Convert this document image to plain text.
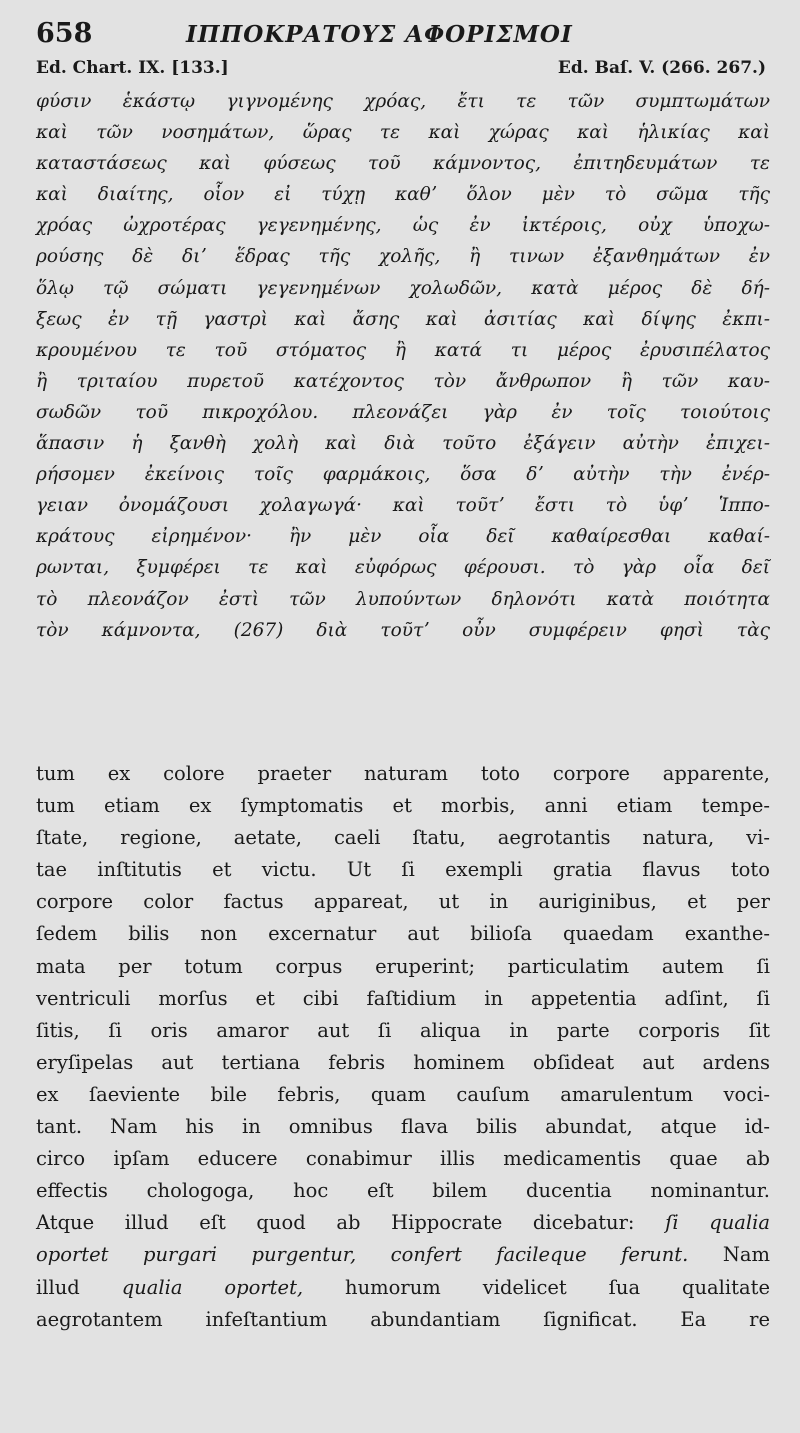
658	ΙΠΠΟΚΡΑΤΟΥΣ ΑΦΟΡΙΣΜΟΙ
Ed. Chart. IX. [133.]	Ed. Baſ. V. (266. 267.)
φύσιν ἑκάστῳ γιγνομένης χρόας, ἔτι τε τῶν συμπτωμάτων
καὶ τῶν νοσημάτων, ὥρας τε καὶ χώρας καὶ ἡλικίας καὶ
καταστάσεως καὶ φύσεως τοῦ κάμνοντος, ἐπιτηδευμάτων τε
καὶ διαίτης, οἷον εἰ τύχῃ καθʼ ὅλον μὲν τὸ σῶμα τῆς
χρόας ὠχροτέρας γεγενημένης, ὡς ἐν ἰκτέροις, οὐχ ὑποχω-
ρούσης δὲ διʼ ἕδρας τῆς χολῆς, ἢ τινων ἐξανθημάτων ἐν
ὅλῳ τῷ σώματι γεγενημένων χολωδῶν, κατὰ μέρος δὲ δή-
ξεως ἐν τῇ γαστρὶ καὶ ἄσης καὶ ἀσιτίας καὶ δίψης ἐκπι-
κρουμένου τε τοῦ στόματος ἢ κατά τι μέρος ἐρυσιπέλατος
ἢ τριταίου πυρετοῦ κατέχοντος τὸν ἄνθρωπον ἢ τῶν καυ-
σωδῶν τοῦ πικροχόλου. πλεονάζει γὰρ ἐν τοῖς τοιούτοις
ἅπασιν ἡ ξανθὴ χολὴ καὶ διὰ τοῦτο ἐξάγειν αὐτὴν ἐπιχει-
ρήσομεν ἐκείνοις τοῖς φαρμάκοις, ὅσα δʼ αὐτὴν τὴν ἐνέρ-
γειαν ὀνομάζουσι χολαγωγά· καὶ τοῦτʼ ἔστι τὸ ὑφʼ Ἱππο-
κράτους εἰρημένον· ἢν μὲν οἷα δεῖ καθαίρεσθαι καθαί-
ρωνται, ξυμφέρει τε καὶ εὐφόρως φέρουσι. τὸ γὰρ οἷα δεῖ
τὸ πλεονάζον ἐστὶ τῶν λυπούντων δηλονότι κατὰ ποιότητα
τὸν κάμνοντα, (267) διὰ τοῦτʼ οὖν συμφέρειν φησὶ τὰς
tum ex colore praeter naturam toto corpore apparente,
tum etiam ex ſymptomatis et morbis, anni etiam tempe-
ſtate, regione, aetate, caeli ſtatu, aegrotantis natura, vi-
tae inſtitutis et victu. Ut ſi exempli gratia flavus toto
corpore color factus appareat, ut in auriginibus, et per
ſedem bilis non excernatur aut bilioſa quaedam exanthe-
mata per totum corpus eruperint; particulatim autem ſi
ventriculi morſus et cibi faſtidium in appetentia adſint, ſi
ſitis, ſi oris amaror aut ſi aliqua in parte corporis ſit
eryſipelas aut tertiana febris hominem obſideat aut ardens
ex ſaeviente bile febris, quam cauſum amarulentum voci-
tant. Nam his in omnibus flava bilis abundat, atque id-
circo ipſam educere conabimur illis medicamentis quae ab
effectis chologoga, hoc eſt bilem ducentia nominantur.
Atque illud eſt quod ab Hippocrate dicebatur: ſi qualia
oportet purgari purgentur, confert facileque ferunt. Nam
illud qualia oportet, humorum videlicet ſua qualitate
aegrotantem infeſtantium abundantiam ſignificat. Ea re
